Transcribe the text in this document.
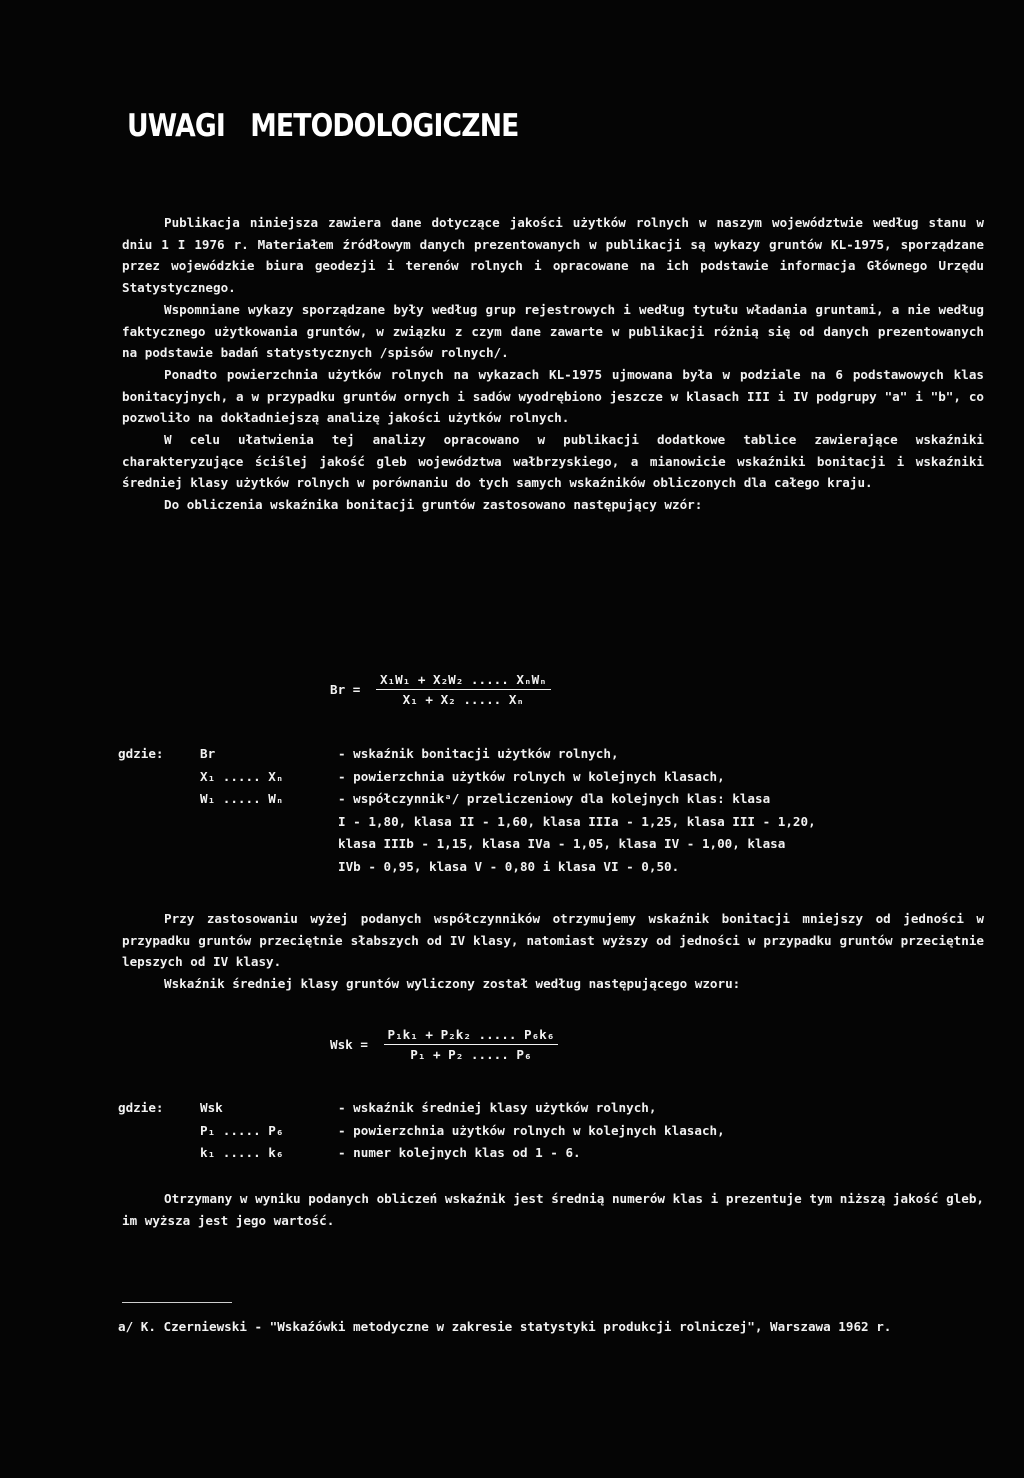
UWAGI   METODOLOGICZNE

Publikacja niniejsza zawiera dane dotyczące jakości użytków rolnych w naszym województwie według stanu w dniu 1 I 1976 r. Materiałem źródłowym danych prezentowanych w publikacji są wykazy gruntów KL-1975, sporządzane przez wojewódzkie biura geodezji i terenów rolnych i opracowane na ich podstawie informacja Głównego Urzędu Statystycznego.

Wspomniane wykazy sporządzane były według grup rejestrowych i według tytułu władania gruntami, a nie według faktycznego użytkowania gruntów, w związku z czym dane zawarte w publikacji różnią się od danych prezentowanych na podstawie badań statystycznych /spisów rolnych/.

Ponadto powierzchnia użytków rolnych na wykazach KL-1975 ujmowana była w podziale na 6 podstawowych klas bonitacyjnych, a w przypadku gruntów ornych i sadów wyodrębiono jeszcze w klasach III i IV podgrupy "a" i "b", co pozwoliło na dokładniejszą analizę jakości użytków rolnych.

W celu ułatwienia tej analizy opracowano w publikacji dodatkowe tablice zawierające wskaźniki charakteryzujące ściślej jakość gleb województwa wałbrzyskiego, a mianowicie wskaźniki bonitacji i wskaźniki średniej klasy użytków rolnych w porównaniu do tych samych wskaźników obliczonych dla całego kraju.

Do obliczenia wskaźnika bonitacji gruntów zastosowano następujący wzór:

$Br = \frac{\text{X₁W₁ + X₂W₂ ..... XₙWₙ}}{\text{X₁ + X₂ ..... Xₙ}}$
gdzie:	Br	- wskaźnik bonitacji użytków rolnych,
X₁ ..... Xₙ	- powierzchnia użytków rolnych w kolejnych klasach,
W₁ ..... Wₙ	- współczynnikᵃ/ przeliczeniowy dla kolejnych klas: klasa
I - 1,80, klasa II - 1,60, klasa IIIa - 1,25, klasa III - 1,20,
klasa IIIb - 1,15, klasa IVa - 1,05, klasa IV - 1,00, klasa
IVb - 0,95, klasa V - 0,80 i klasa VI - 0,50.

Przy zastosowaniu wyżej podanych współczynników otrzymujemy wskaźnik bonitacji mniejszy od jedności w przypadku gruntów przeciętnie słabszych od IV klasy, natomiast wyższy od jedności w przypadku gruntów przeciętnie lepszych od IV klasy.

Wskaźnik średniej klasy gruntów wyliczony został według następującego wzoru:

Wsk = $\frac{\text{P₁k₁ + P₂k₂ ..... P₆k₆}}{\text{P₁ + P₂ ..... P₆}}$
gdzie:	Wsk	- wskaźnik średniej klasy użytków rolnych,
P₁ ..... P₆	- powierzchnia użytków rolnych w kolejnych klasach,
k₁ ..... k₆	- numer kolejnych klas od 1 - 6.

Otrzymany w wyniku podanych obliczeń wskaźnik jest średnią numerów klas i prezentuje tym niższą jakość gleb, im wyższa jest jego wartość.

a/ K. Czerniewski - "Wskaźówki metodyczne w zakresie statystyki produkcji rolniczej", Warszawa 1962 r.
